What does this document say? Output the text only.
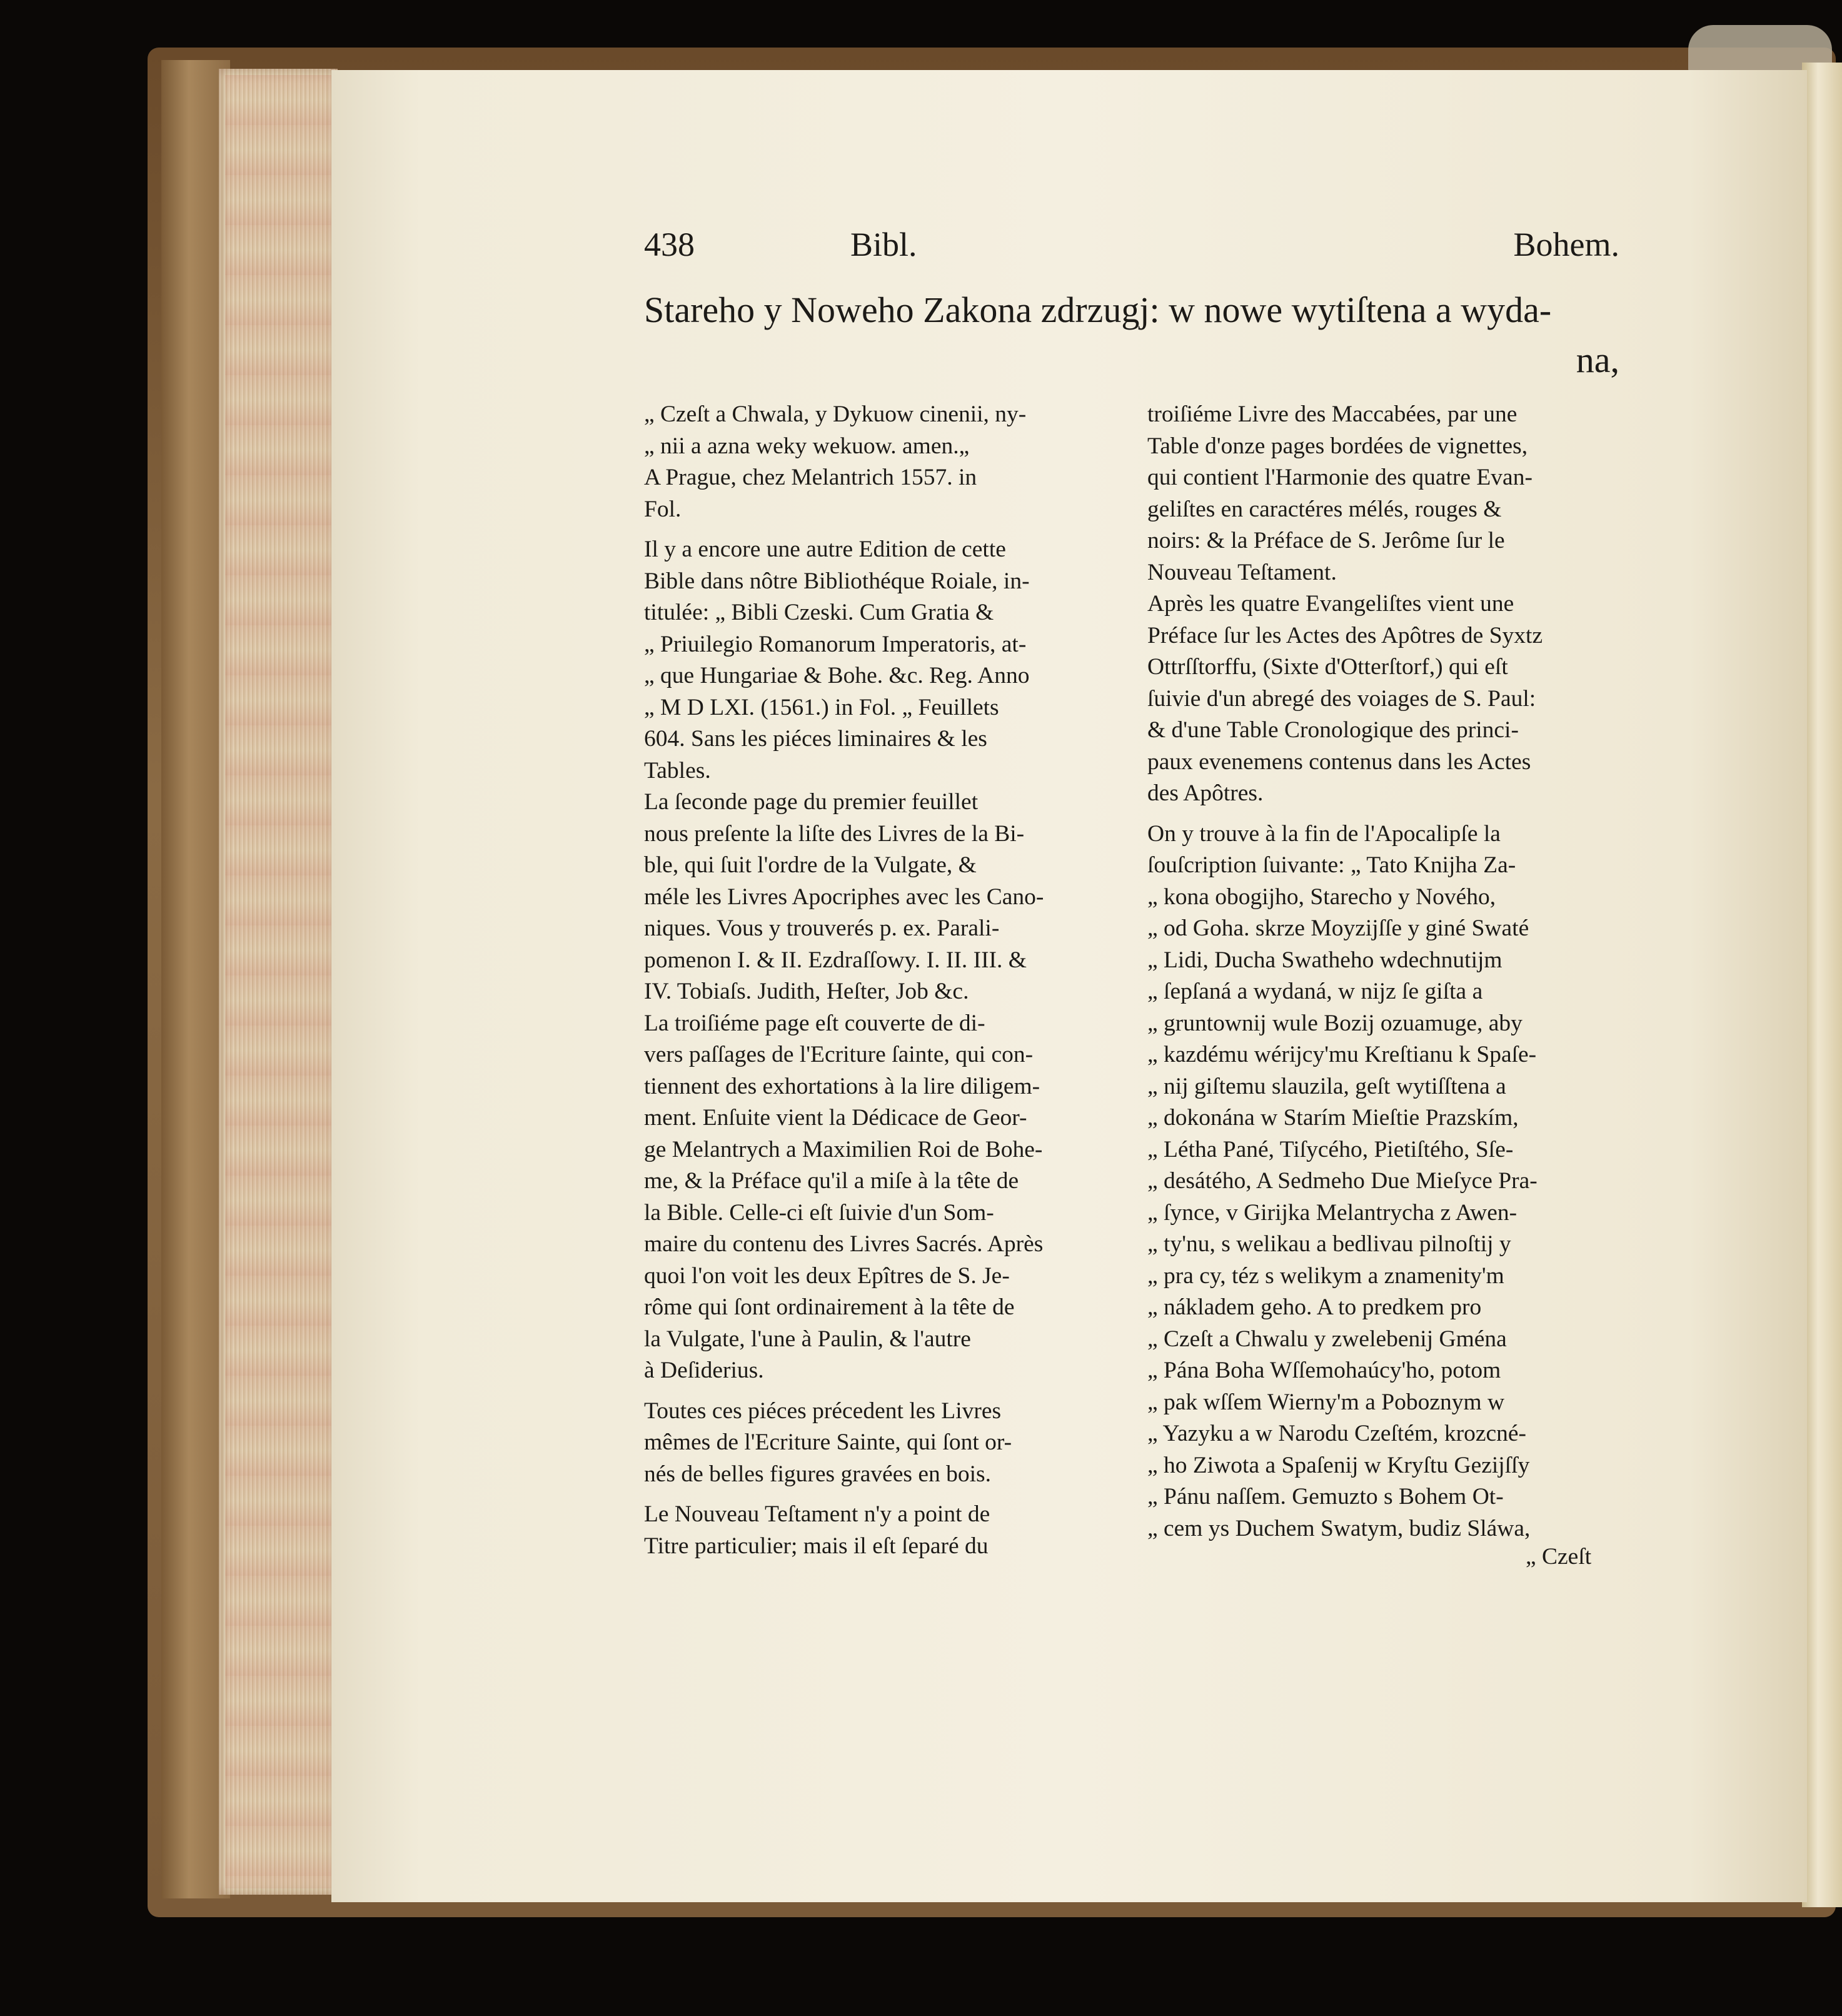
438	Bibl.	Bohem.
Stareho y Noweho Zakona zdrzugj: w nowe wytiſtena a wyda-
na,
„ Czeſt a Chwala, y Dykuow cinenii, ny-
„ nii a azna weky wekuow. amen.„
A Prague, chez Melantrich 1557. in
Fol.
Il y a encore une autre Edition de cette
Bible dans nôtre Bibliothéque Roiale, in-
titulée: „ Bibli Czeski. Cum Gratia &
„ Priuilegio Romanorum Imperatoris, at-
„ que Hungariae & Bohe. &c. Reg. Anno
„ M D LXI. (1561.) in Fol. „ Feuillets
604. Sans les piéces liminaires & les
Tables.
La ſeconde page du premier feuillet
nous preſente la liſte des Livres de la Bi-
ble, qui ſuit l'ordre de la Vulgate, &
méle les Livres Apocriphes avec les Cano-
niques. Vous y trouverés p. ex. Parali-
pomenon I. & II. Ezdraſſowy. I. II. III. &
IV. Tobiaſs. Judith, Heſter, Job &c.
La troiſiéme page eſt couverte de di-
vers paſſages de l'Ecriture ſainte, qui con-
tiennent des exhortations à la lire diligem-
ment. Enſuite vient la Dédicace de Geor-
ge Melantrych a Maximilien Roi de Bohe-
me, & la Préface qu'il a miſe à la tête de
la Bible. Celle-ci eſt ſuivie d'un Som-
maire du contenu des Livres Sacrés. Après
quoi l'on voit les deux Epîtres de S. Je-
rôme qui ſont ordinairement à la tête de
la Vulgate, l'une à Paulin, & l'autre
à Deſiderius.
Toutes ces piéces précedent les Livres
mêmes de l'Ecriture Sainte, qui ſont or-
nés de belles figures gravées en bois.
Le Nouveau Teſtament n'y a point de
Titre particulier; mais il eſt ſeparé du
troiſiéme Livre des Maccabées, par une
Table d'onze pages bordées de vignettes,
qui contient l'Harmonie des quatre Evan-
geliſtes en caractéres mélés, rouges &
noirs: & la Préface de S. Jerôme ſur le
Nouveau Teſtament.
Après les quatre Evangeliſtes vient une
Préface ſur les Actes des Apôtres de Syxtz
Ottrſſtorffu, (Sixte d'Otterſtorf,) qui eſt
ſuivie d'un abregé des voiages de S. Paul:
& d'une Table Cronologique des princi-
paux evenemens contenus dans les Actes
des Apôtres.
On y trouve à la fin de l'Apocalipſe la
ſouſcription ſuivante: „ Tato Knijha Za-
„ kona obogijho, Starecho y Nového,
„ od Goha. skrze Moyzijſſe y giné Swaté
„ Lidi, Ducha Swatheho wdechnutijm
„ ſepſaná a wydaná, w nijz ſe giſta a
„ gruntownij wule Bozij ozuamuge, aby
„ kazdému wérijcy'mu Kreſtianu k Spaſe-
„ nij giſtemu slauzila, geſt wytiſſtena a
„ dokonána w Starím Mieſtie Prazskím,
„ Létha Pané, Tiſycého, Pietiſtého, Sſe-
„ desátého, A Sedmeho Due Mieſyce Pra-
„ ſynce, v Girijka Melantrycha z Awen-
„ ty'nu, s welikau a bedlivau pilnoſtij y
„ pra cy, téz s welikym a znamenity'm
„ nákladem geho. A to predkem pro
„ Czeſt a Chwalu y zwelebenij Gména
„ Pána Boha Wſſemohaúcy'ho, potom
„ pak wſſem Wierny'm a Poboznym w
„ Yazyku a w Narodu Czeſtém, krozcné-
„ ho Ziwota a Spaſenij w Kryſtu Gezijſſy
„ Pánu naſſem. Gemuzto s Bohem Ot-
„ cem ys Duchem Swatym, budiz Sláwa,
„ Czeſt
